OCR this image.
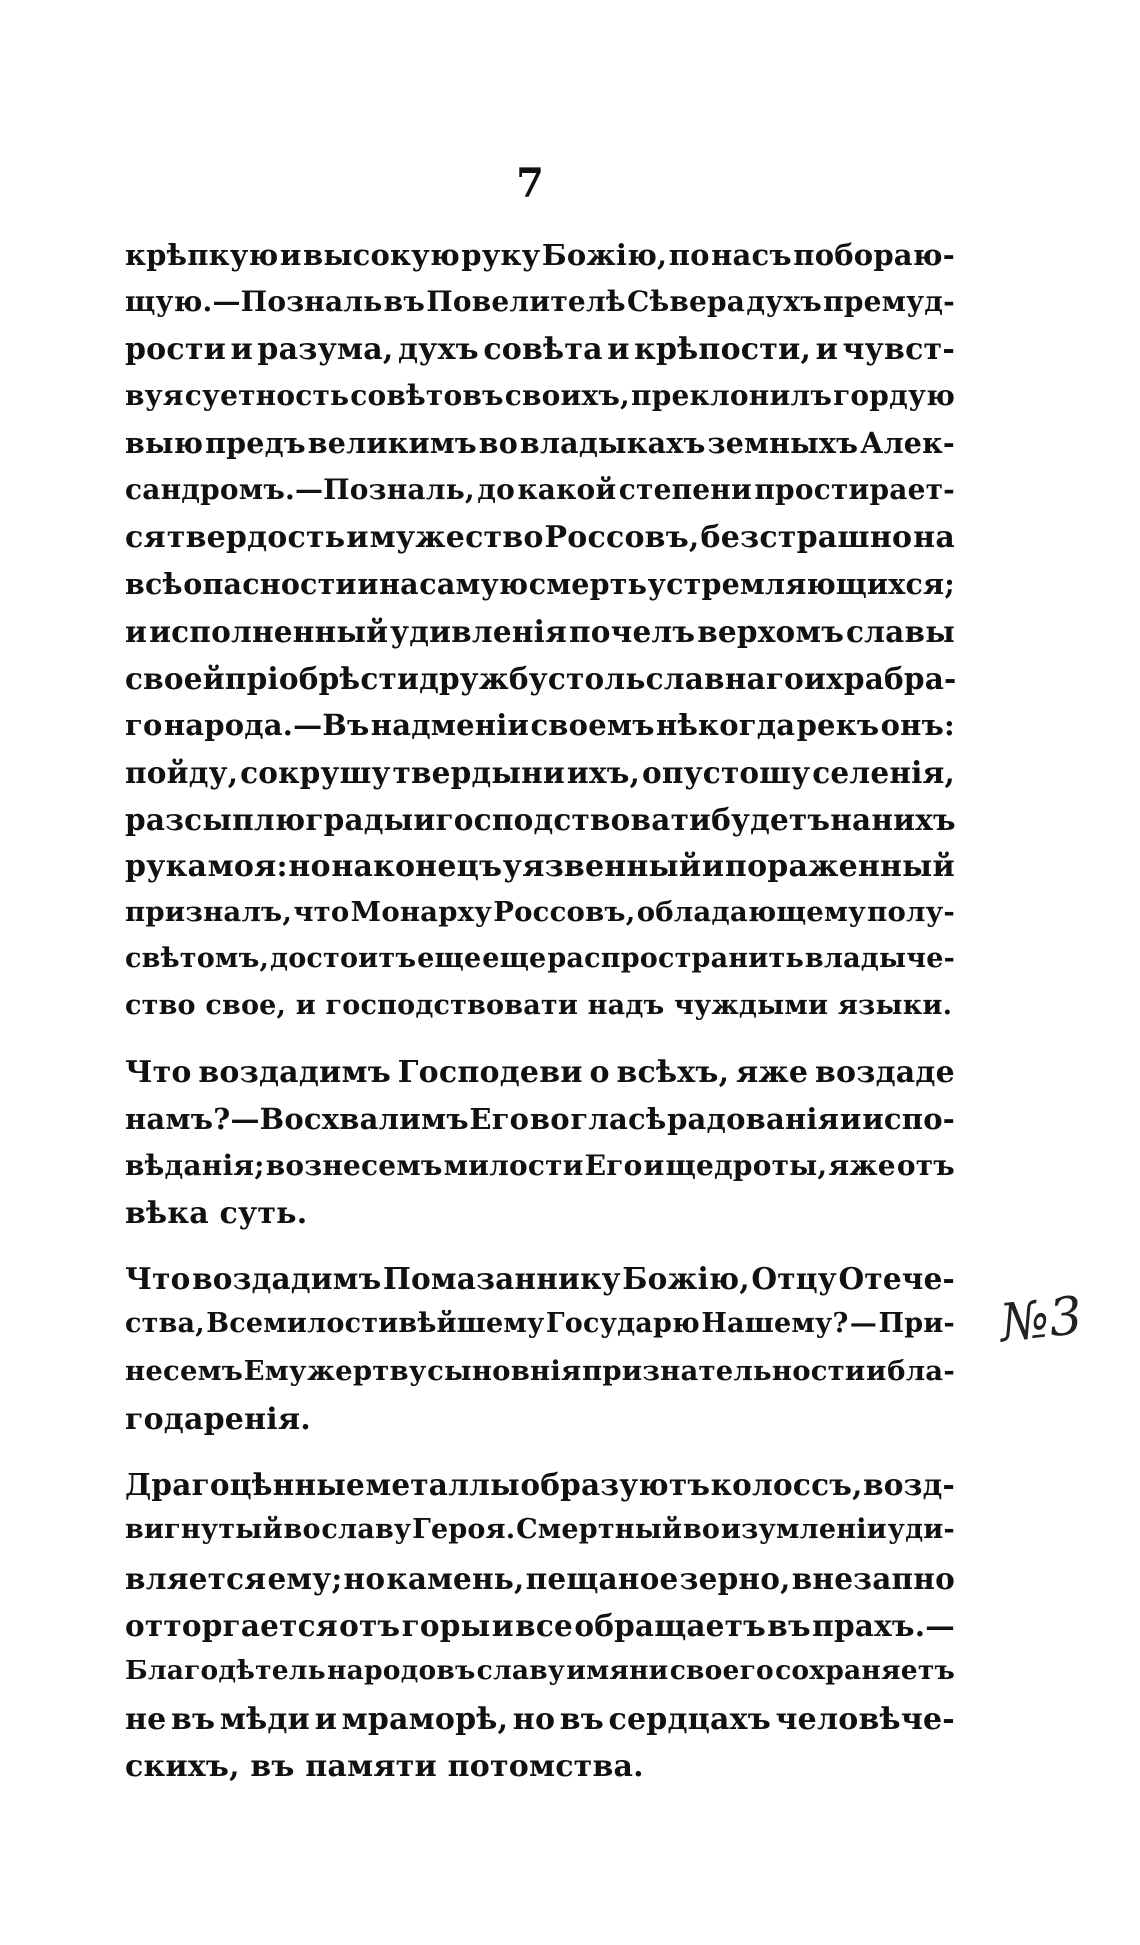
7
крѣпкую и высокую руку Божію, по насъ побораю-
щую.—Позналь въ Повелителѣ Сѣвера духъ премуд-
рости и разума, духъ совѣта и крѣпости, и чувст-
вуя суетность совѣтовъ своихъ, преклонилъ гордую
выю предъ великимъ во владыкахъ земныхъ Алек-
сандромъ.—Позналь, до какой степени простирает-
ся твердость и мужество Россовъ, безстрашно на
всѣ опасности и на самую смерть устремляющихся;
и исполненный удивленія почелъ верхомъ славы
своей пріобрѣсти дружбу столь славнаго и храбра-
го народа.—Въ надменіи своемъ нѣкогда рекъ онъ:
пойду, сокрушу твердыни ихъ, опустошу селенія,
разсыплю грады и господствовати будетъ на нихъ
рука моя: но наконецъ уязвенный и пораженный
призналъ, что Монарху Россовъ, обладающему полу-
свѣтомъ, достоитъ еще еще распространить владыче-
ство свое, и господствовати надъ чуждыми языки.
Что воздадимъ Господеви о всѣхъ, яже воздаде
намъ?—Восхвалимъ Его во гласѣ радованія и испо-
вѣданія; вознесемъ милости Его и щедроты, яже отъ
вѣка суть.
Что воздадимъ Помазаннику Божію, Отцу Отече-
ства, Всемилостивѣйшему Государю Нашему? — При-
несемъ Ему жертву сыновнія признательности и бла-
годаренія.
Драгоцѣнные металлы образуютъ колоссъ, возд-
вигнутый во славу Героя. Смертный во изумленіи уди-
вляется ему; но камень, пещаное зерно, внезапно
отторгается отъ горы и все обращаетъ въ прахъ.—
Благодѣтель народовъ славу имяни своего сохраняетъ
не въ мѣди и мраморѣ, но въ сердцахъ человѣче-
скихъ, въ памяти потомства.
№3
